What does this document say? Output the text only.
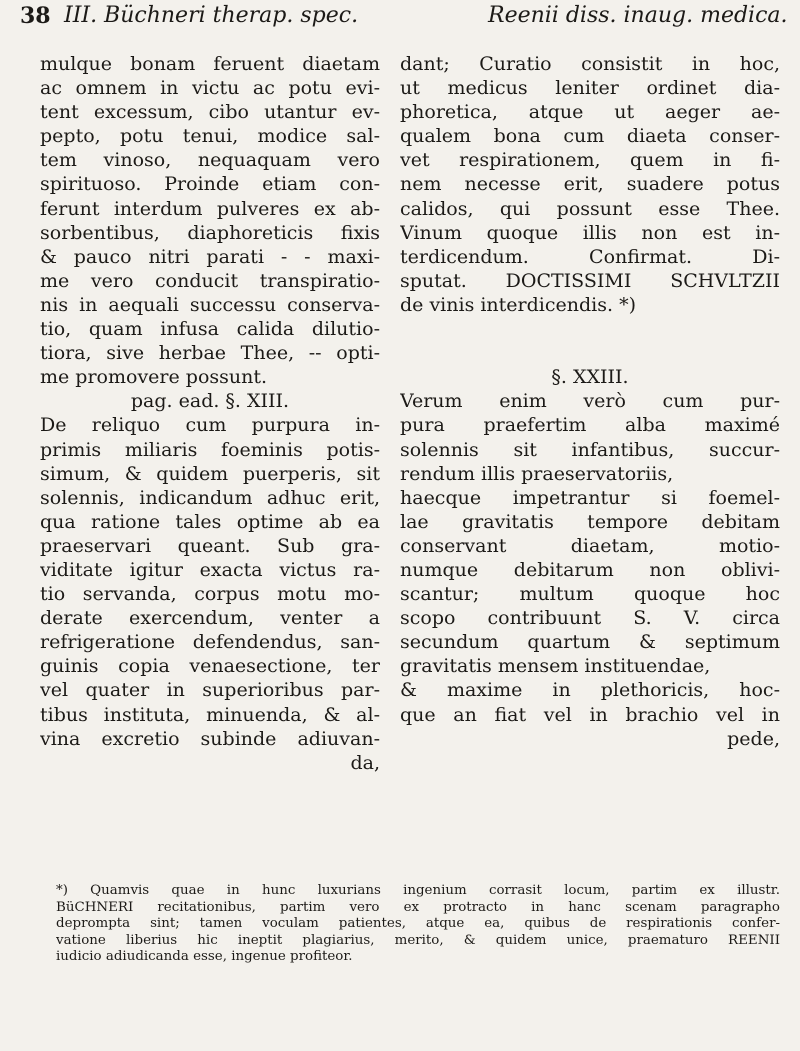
38 III. Büchneri therap. spec.	Reenii diss. inaug. medica.
mulque bonam feruent diaetam
ac omnem in victu ac potu evi-
tent excessum, cibo utantur ev-
pepto, potu tenui, modice sal-
tem vinoso, nequaquam vero
spirituoso. Proinde etiam con-
ferunt interdum pulveres ex ab-
sorbentibus, diaphoreticis fixis
& pauco nitri parati - - maxi-
me vero conducit transpiratio-
nis in aequali successu conserva-
tio, quam infusa calida dilutio-
tiora, sive herbae Thee, -- opti-
me promovere possunt.
pag. ead. §. XIII.
De reliquo cum purpura in-
primis miliaris foeminis potis-
simum, & quidem puerperis, sit
solennis, indicandum adhuc erit,
qua ratione tales optime ab ea
praeservari queant. Sub gra-
viditate igitur exacta victus ra-
tio servanda, corpus motu mo-
derate exercendum, venter a
refrigeratione defendendus, san-
guinis copia venaesectione, ter
vel quater in superioribus par-
tibus instituta, minuenda, & al-
vina excretio subinde adiuvan-
da,
dant; Curatio consistit in hoc,
ut medicus leniter ordinet dia-
phoretica, atque ut aeger ae-
qualem bona cum diaeta conser-
vet respirationem, quem in fi-
nem necesse erit, suadere potus
calidos, qui possunt esse Thee.
Vinum quoque illis non est in-
terdicendum. Confirmat. Di-
sputat. DOCTISSIMI SCHVLTZII
de vinis interdicendis. *)
§. XXIII.
Verum enim verò cum pur-
pura praefertim alba maximé
solennis sit infantibus, succur-
rendum illis praeservatoriis,
haecque impetrantur si foemel-
lae gravitatis tempore debitam
conservant diaetam, motio-
numque debitarum non oblivi-
scantur; multum quoque hoc
scopo contribuunt S. V. circa
secundum quartum & septimum
gravitatis mensem instituendae,
& maxime in plethoricis, hoc-
que an fiat vel in brachio vel in
pede,
*) Quamvis quae in hunc luxurians ingenium corrasit locum, partim ex illustr.
BüCHNERI recitationibus, partim vero ex protracto in hanc scenam paragrapho
deprompta sint; tamen voculam patientes, atque ea, quibus de respirationis confer-
vatione liberius hic ineptit plagiarius, merito, & quidem unice, praematuro REENII
iudicio adiudicanda esse, ingenue profiteor.
